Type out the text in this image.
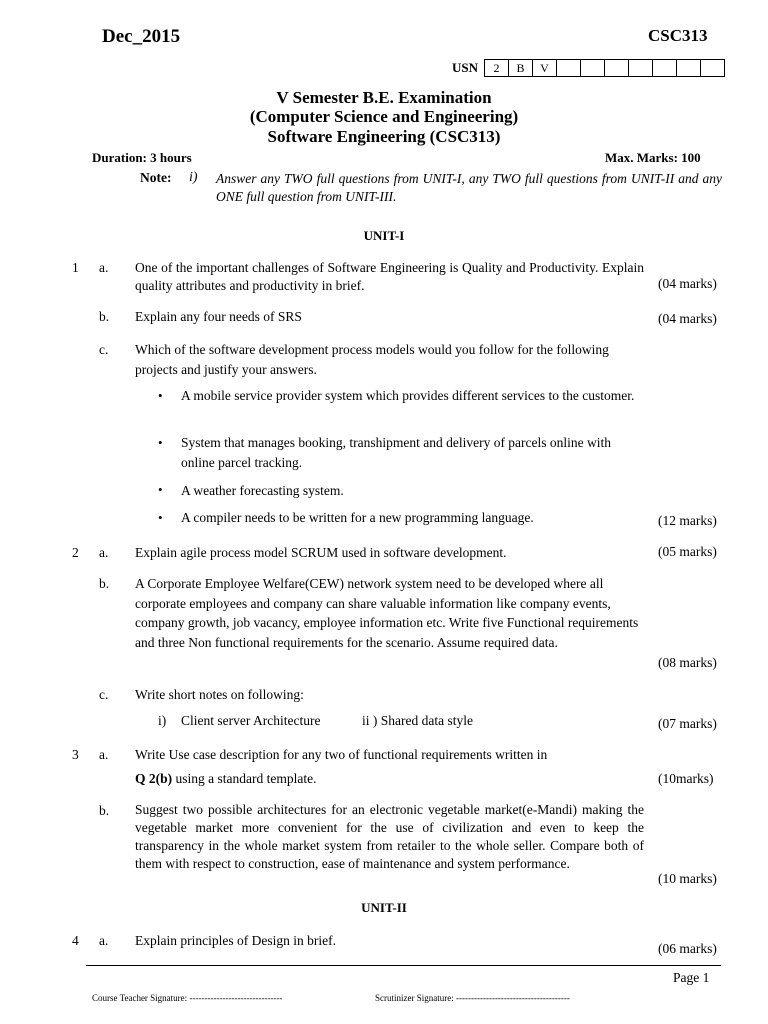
Dec_2015	CSC313
USN	2	B	V
V Semester B.E. Examination
(Computer Science and Engineering)
Software Engineering (CSC313)
Duration: 3 hours	Max. Marks: 100
Note: i) Answer any TWO full questions from UNIT-I, any TWO full questions from UNIT-II and any ONE full question from UNIT-III.
UNIT-I
1 a. One of the important challenges of Software Engineering is Quality and Productivity. Explain quality attributes and productivity in brief.	(04 marks)
b. Explain any four needs of SRS	(04 marks)
c. Which of the software development process models would you follow for the following projects and justify your answers.
• A mobile service provider system which provides different services to the customer.
• System that manages booking, transhipment and delivery of parcels online with online parcel tracking.
• A weather forecasting system.
• A compiler needs to be written for a new programming language.	(12 marks)
2 a. Explain agile process model SCRUM used in software development.	(05 marks)
b. A Corporate Employee Welfare(CEW) network system need to be developed where all corporate employees and company can share valuable information like company events, company growth, job vacancy, employee information etc. Write five Functional requirements and three Non functional requirements for the scenario. Assume required data.
(08 marks)
c. Write short notes on following:
i) Client server Architecture	ii ) Shared data style	(07 marks)
3 a. Write Use case description for any two of functional requirements written in
Q 2(b) using a standard template.	(10marks)
b. Suggest two possible architectures for an electronic vegetable market(e-Mandi) making the vegetable market more convenient for the use of civilization and even to keep the transparency in the whole market system from retailer to the whole seller. Compare both of them with respect to construction, ease of maintenance and system performance.
(10 marks)
UNIT-II
4 a. Explain principles of Design in brief.
(06 marks)
Page 1
Course Teacher Signature: -------------------------------	Scrutinizer Signature: --------------------------------------
